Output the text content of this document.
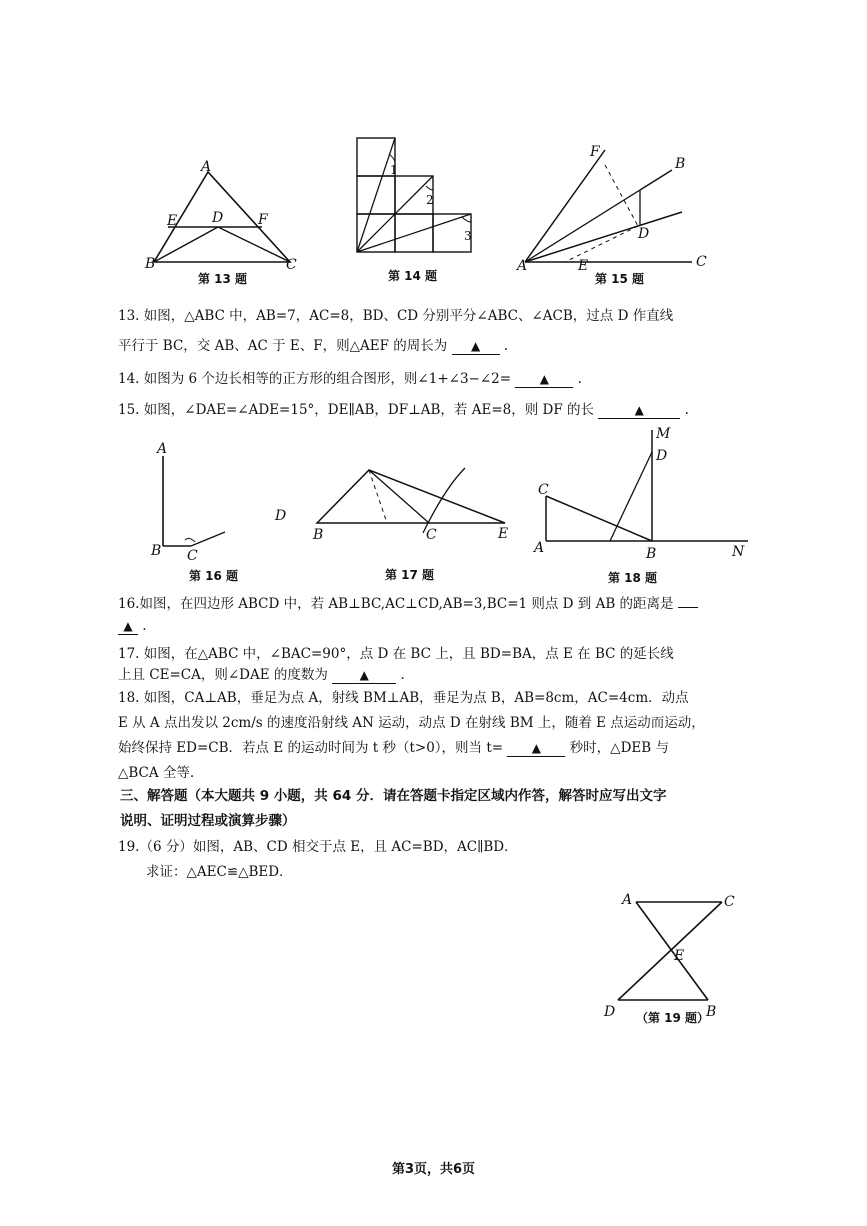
A
B	C
D
E	F
第 13 题
1
2
3
第 14 题
F
B
A	C
D
E
第 15 题
13. 如图，△ABC 中，AB=7，AC=8，BD、CD 分别平分∠ABC、∠ACB，过点 D 作直线
平行于 BC，交 AB、AC 于 E、F，则△AEF 的周长为 ▲ .
14. 如图为 6 个边长相等的正方形的组合图形，则∠1+∠3−∠2= ▲ .
15. 如图，∠DAE=∠ADE=15°，DE∥AB，DF⊥AB，若 AE=8，则 DF 的长	▲	.
A
B C
D
第 16 题
B	C	E
第 17 题
M
D
C
A	B	N
第 18 题
16.如图，在四边形 ABCD 中，若 AB⊥BC,AC⊥CD,AB=3,BC=1 则点 D 到 AB 的距离是
▲ .
17. 如图，在△ABC 中，∠BAC=90°，点 D 在 BC 上，且 BD=BA，点 E 在 BC 的延长线
上且 CE=CA，则∠DAE 的度数为	▲ .
18. 如图，CA⊥AB，垂足为点 A，射线 BM⊥AB，垂足为点 B，AB=8cm，AC=4cm．动点
E 从 A 点出发以 2cm/s 的速度沿射线 AN 运动，动点 D 在射线 BM 上，随着 E 点运动而运动，
始终保持 ED=CB．若点 E 的运动时间为 t 秒（t>0），则当 t= ▲ 秒时，△DEB 与
△BCA 全等.
三、解答题（本大题共 9 小题，共 64 分．请在答题卡指定区域内作答，解答时应写出文字
说明、证明过程或演算步骤）
19.（6 分）如图，AB、CD 相交于点 E，且 AC=BD，AC∥BD．
求证：△AEC≌△BED．
A	C
E
D	B
（第 19 题）
第3页，共6页
